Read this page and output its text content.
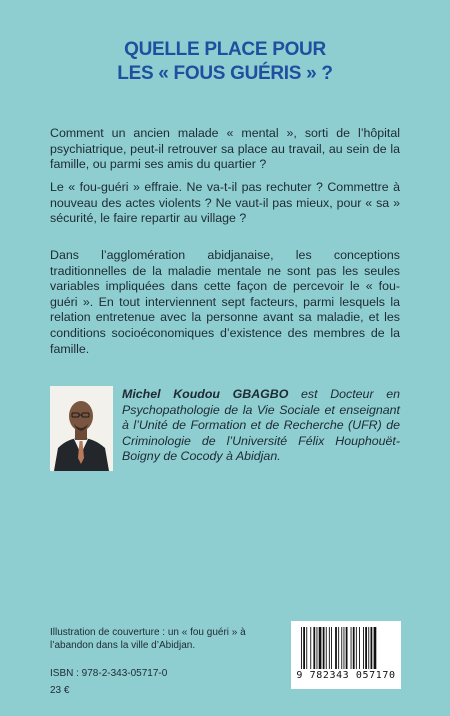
QUELLE PLACE POUR
LES « FOUS GUÉRIS » ?

Comment un ancien malade « mental », sorti de l’hôpital psychiatrique, peut-il retrouver sa place au travail, au sein de la famille, ou parmi ses amis du quartier ?

Le « fou-guéri » effraie. Ne va-t-il pas rechuter ? Commettre à nouveau des actes violents ? Ne vaut-il pas mieux, pour « sa » sécurité, le faire repartir au village ?

Dans l’agglomération abidjanaise, les conceptions traditionnelles de la maladie mentale ne sont pas les seules variables impliquées dans cette façon de percevoir le « fou-guéri ». En tout interviennent sept facteurs, parmi lesquels la relation entretenue avec la personne avant sa maladie, et les conditions socioéconomiques d’existence des membres de la famille.

Michel Koudou GBAGBO est Docteur en Psychopathologie de la Vie Sociale et enseignant à l’Unité de Formation et de Recherche (UFR) de Criminologie de l’Université Félix Houphouët-Boigny de Cocody à Abidjan.

Illustration de couverture : un « fou guéri » à l’abandon dans la ville d’Abidjan.

ISBN : 978-2-343-05717-0
23 €
9 782343 057170
